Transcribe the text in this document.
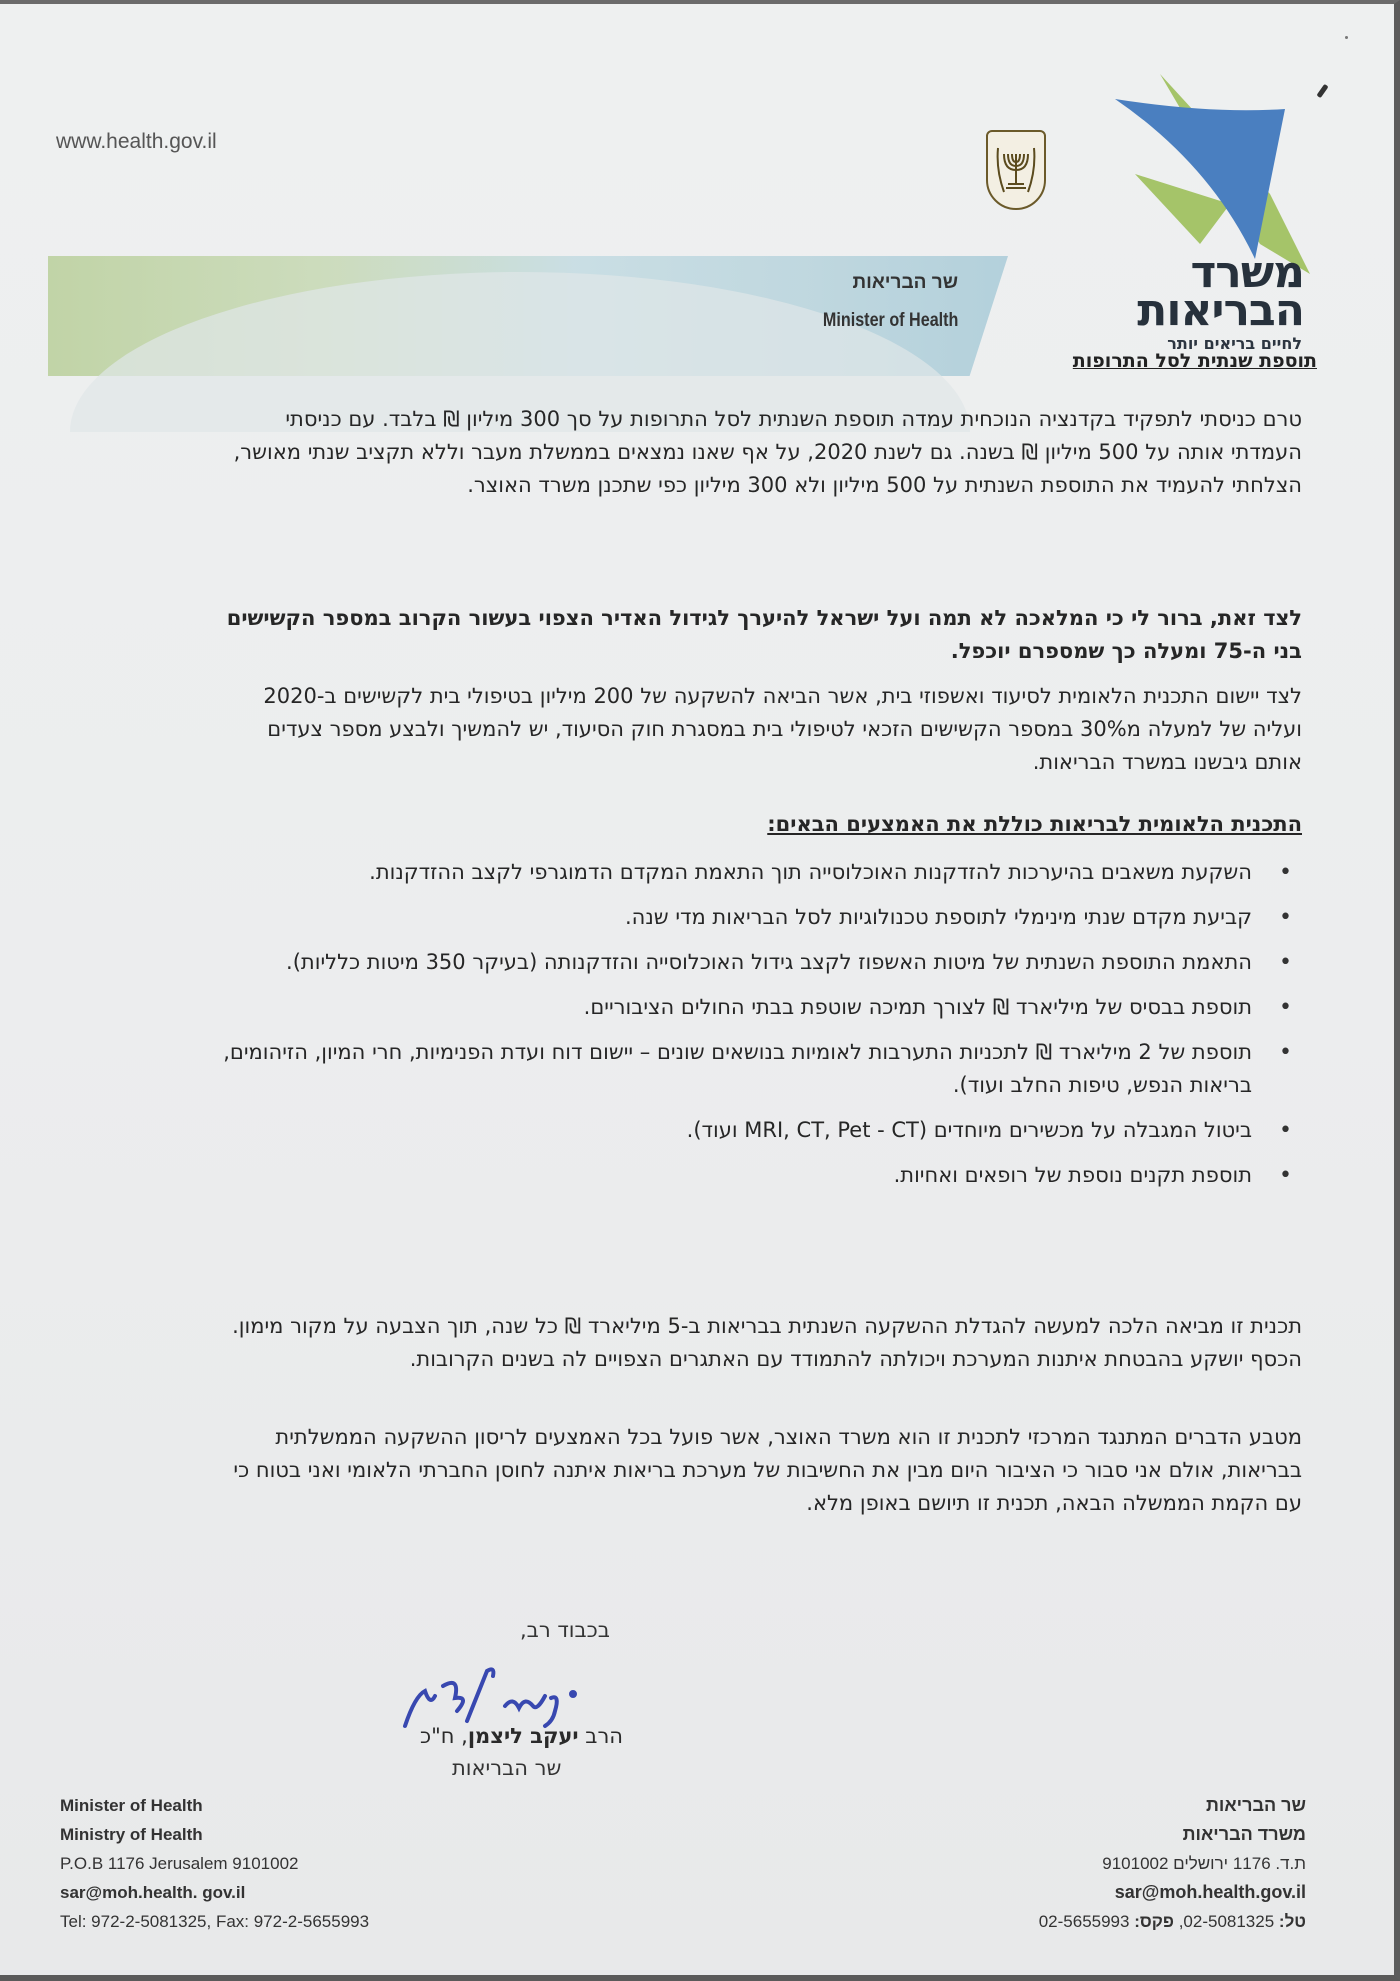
www.health.gov.il
שר הבריאות
Minister of Health
משרד
הבריאות
לחיים בריאים יותר
תוספת שנתית לסל התרופות
טרם כניסתי לתפקיד בקדנציה הנוכחית עמדה תוספת השנתית לסל התרופות על סך 300 מיליון ₪ בלבד. עם כניסתי העמדתי אותה על 500 מיליון ₪ בשנה. גם לשנת 2020, על אף שאנו נמצאים בממשלת מעבר וללא תקציב שנתי מאושר, הצלחתי להעמיד את התוספת השנתית על 500 מיליון ולא 300 מיליון כפי שתכנן משרד האוצר.
לצד זאת, ברור לי כי המלאכה לא תמה ועל ישראל להיערך לגידול האדיר הצפוי בעשור הקרוב במספר הקשישים בני ה-75 ומעלה כך שמספרם יוכפל.
לצד יישום התכנית הלאומית לסיעוד ואשפוזי בית, אשר הביאה להשקעה של 200 מיליון בטיפולי בית לקשישים ב-2020 ועליה של למעלה מ30% במספר הקשישים הזכאי לטיפולי בית במסגרת חוק הסיעוד, יש להמשיך ולבצע מספר צעדים אותם גיבשנו במשרד הבריאות.
התכנית הלאומית לבריאות כוללת את האמצעים הבאים:
• השקעת משאבים בהיערכות להזדקנות האוכלוסייה תוך התאמת המקדם הדמוגרפי לקצב ההזדקנות.
• קביעת מקדם שנתי מינימלי לתוספת טכנולוגיות לסל הבריאות מדי שנה.
• התאמת התוספת השנתית של מיטות האשפוז לקצב גידול האוכלוסייה והזדקנותה (בעיקר 350 מיטות כלליות).
• תוספת בבסיס של מיליארד ₪ לצורך תמיכה שוטפת בבתי החולים הציבוריים.
• תוספת של 2 מיליארד ₪ לתכניות התערבות לאומיות בנושאים שונים – יישום דוח ועדת הפנימיות, חרי המיון, הזיהומים, בריאות הנפש, טיפות החלב ועוד).
• ביטול המגבלה על מכשירים מיוחדים (MRI, CT, Pet - CT ועוד).
• תוספת תקנים נוספת של רופאים ואחיות.
תכנית זו מביאה הלכה למעשה להגדלת ההשקעה השנתית בבריאות ב-5 מיליארד ₪ כל שנה, תוך הצבעה על מקור מימון. הכסף יושקע בהבטחת איתנות המערכת ויכולתה להתמודד עם האתגרים הצפויים לה בשנים הקרובות.
מטבע הדברים המתנגד המרכזי לתכנית זו הוא משרד האוצר, אשר פועל בכל האמצעים לריסון ההשקעה הממשלתית בבריאות, אולם אני סבור כי הציבור היום מבין את החשיבות של מערכת בריאות איתנה לחוסן החברתי הלאומי ואני בטוח כי עם הקמת הממשלה הבאה, תכנית זו תיושם באופן מלא.
בכבוד רב,
הרב יעקב ליצמן, ח"כ
שר הבריאות
Minister of Health
Ministry of Health
P.O.B 1176 Jerusalem 9101002
sar@moh.health. gov.il
Tel: 972-2-5081325, Fax: 972-2-5655993
שר הבריאות
משרד הבריאות
ת.ד. 1176 ירושלים 9101002
sar@moh.health.gov.il
טל: 02-5081325, פקס: 02-5655993
